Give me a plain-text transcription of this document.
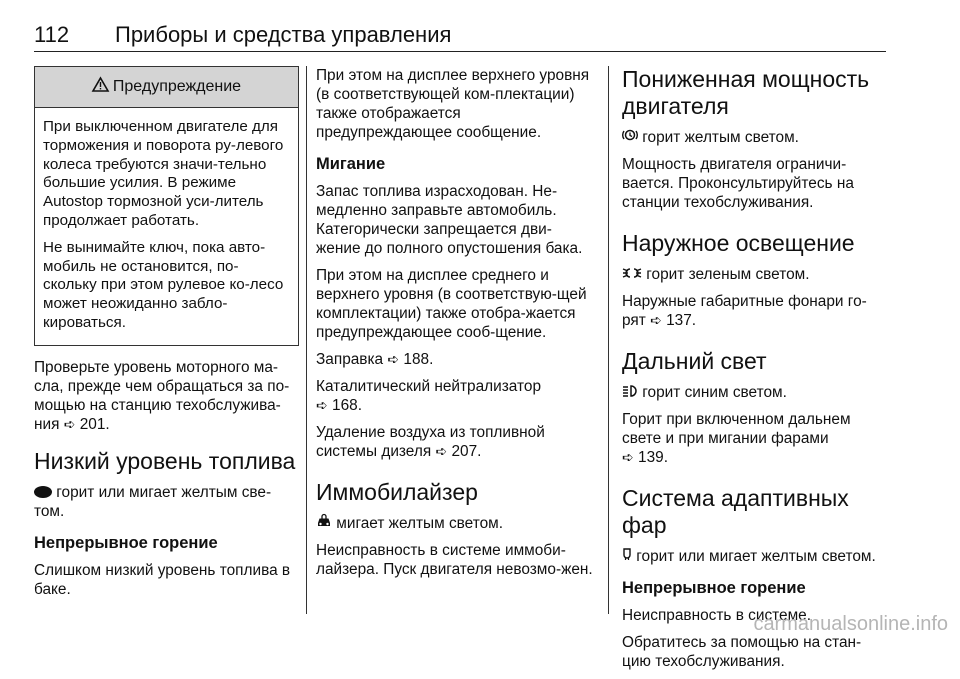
112 Приборы и средства управления
Предупреждение

При выключенном двигателе для торможения и поворота ру-левого колеса требуются значи-тельно большие усилия. В режиме Autostop тормозной уси-литель продолжает работать.

Не вынимайте ключ, пока авто-мобиль не остановится, по-скольку при этом рулевое ко-лесо может неожиданно забло-кироваться.

Проверьте уровень моторного ма-сла, прежде чем обращаться за по-мощью на станцию техобслужива-ния ➪ 201.

Низкий уровень топлива

горит или мигает желтым све-том.

Непрерывное горение

Слишком низкий уровень топлива в баке.

При этом на дисплее верхнего уровня (в соответствующей ком-плектации) также отображается предупреждающее сообщение.

Мигание

Запас топлива израсходован. Не-медленно заправьте автомобиль. Категорически запрещается дви-жение до полного опустошения бака.

При этом на дисплее среднего и верхнего уровня (в соответствую-щей комплектации) также отобра-жается предупреждающее сооб-щение.

Заправка ➪ 188.

Каталитический нейтрализатор
➪ 168.

Удаление воздуха из топливной системы дизеля ➪ 207.

Иммобилайзер

мигает желтым светом.

Неисправность в системе иммоби-лайзера. Пуск двигателя невозмо-жен.

Пониженная мощность двигателя

горит желтым светом.

Мощность двигателя ограничи-вается. Проконсультируйтесь на станции техобслуживания.

Наружное освещение

горит зеленым светом.

Наружные габаритные фонари го-рят ➪ 137.

Дальний свет

горит синим светом.

Горит при включенном дальнем свете и при мигании фарами
➪ 139.

Система адаптивных фар

горит или мигает желтым светом.

Непрерывное горение

Неисправность в системе.

Обратитесь за помощью на стан-цию техобслуживания.

carmanualsonline.info
